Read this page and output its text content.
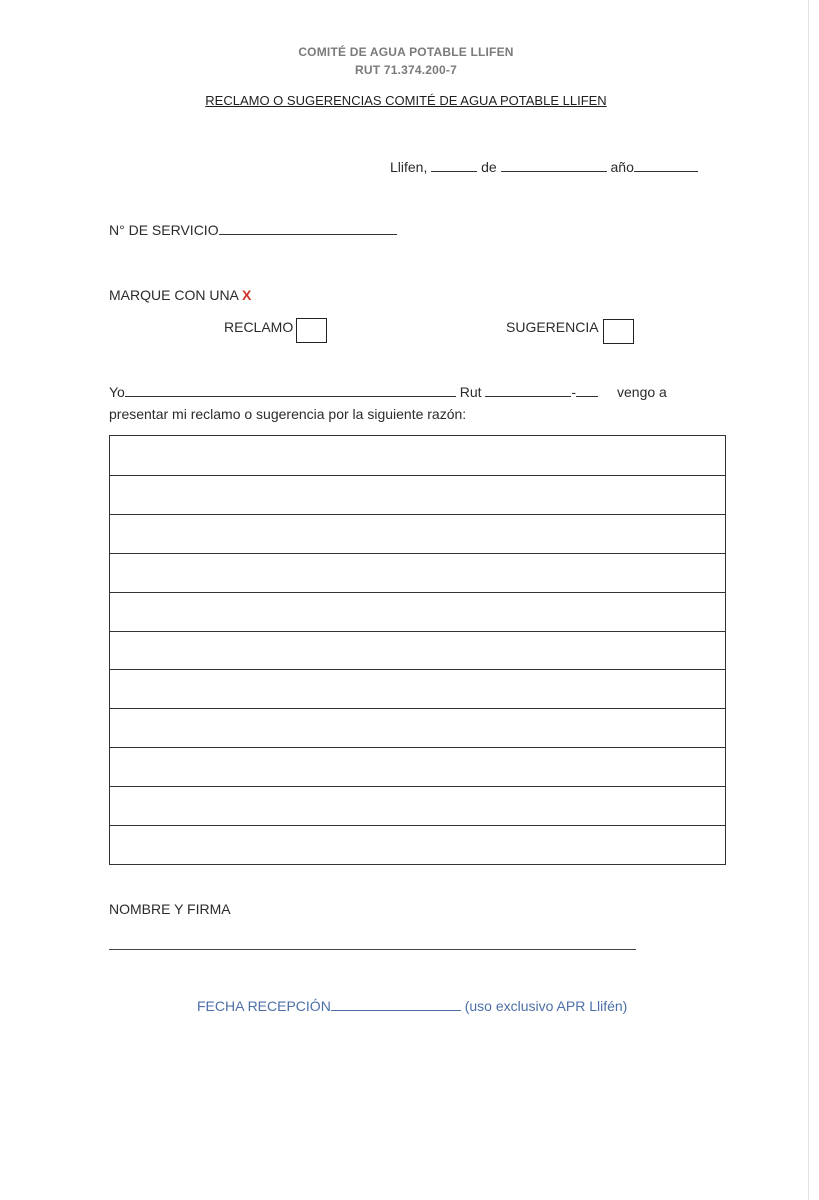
COMITÉ DE AGUA POTABLE LLIFEN
RUT 71.374.200-7
RECLAMO O SUGERENCIAS COMITÉ DE AGUA POTABLE LLIFEN
Llifen,	de	año
N° DE SERVICIO
MARQUE CON UNA X
RECLAMO	SUGERENCIA
Yo	Rut	-	vengo a
presentar mi reclamo o sugerencia por la siguiente razón:
NOMBRE Y FIRMA
FECHA RECEPCIÓN	(uso exclusivo APR Llifén)
